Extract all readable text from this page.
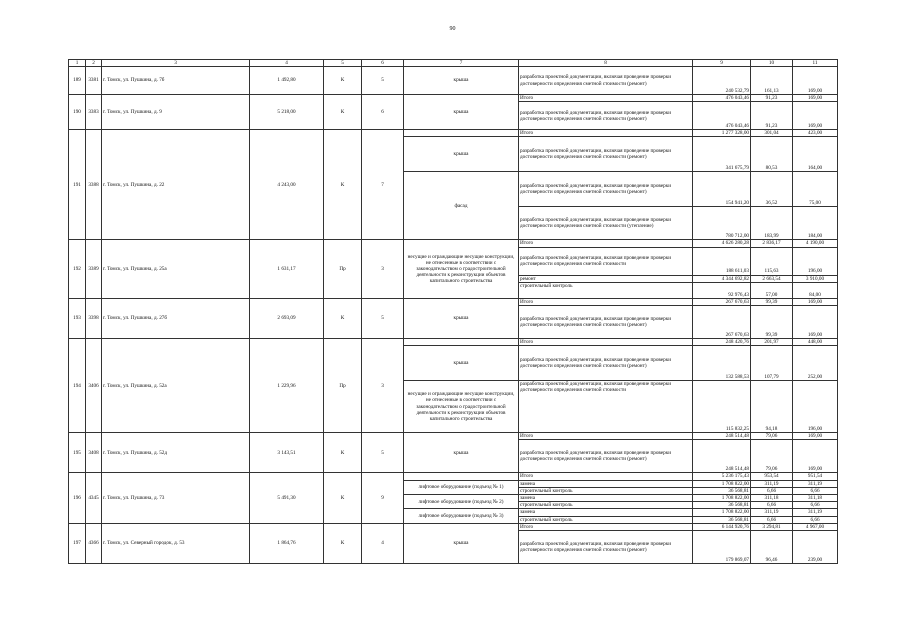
90
1	2	3	4	5	6	7	8	9	10	11
189	3381	г. Томск, ул. Пушкина, д. 7б	1 492,80	К	5	крыша	разработка проектной документации, включая проведение проверки достоверности определения сметной стоимости (ремонт)	240 532,79	161,13	169,00
190	3383	г. Томск, ул. Пушкина, д. 9	5 218,00	К	6	крыша	Итого	476 043,46	91,23	169,00
							разработка проектной документации, включая проведение проверки достоверности определения сметной стоимости (ремонт)	476 043,46	91,23	169,00
191	3388	г. Томск, ул. Пушкина, д. 22	4 243,00	К	7		Итого	1 277 328,00	301,04	423,00
						крыша	разработка проектной документации, включая проведение проверки достоверности определения сметной стоимости (ремонт)	341 675,79	80,53	164,00
						фасад	разработка проектной документации, включая проведение проверки достоверности определения сметной стоимости (ремонт)	154 941,20	36,52	75,00
							разработка проектной документации, включая проведение проверки достоверности определения сметной стоимости (утепление)	780 712,00	183,99	184,00
192	3389	г. Томск, ул. Пушкина, д. 25а	1 631,17	Пр	3	несущие и ограждающие несущие конструкции, не отнесенные в соответствии с законодательством о градостроительной деятельности к реконструкции объектов капитального строительства	Итого	4 626 280,28	2 836,17	4 190,00
							разработка проектной документации, включая проведение проверки достоверности определения сметной стоимости	188 611,03	115,63	196,00
							ремонт	4 344 692,82	2 663,54	3 910,00
							строительный контроль	92 976,43	57,00	84,00
193	3398	г. Томск, ул. Пушкина, д. 27б	2 693,09	К	5	крыша	Итого	267 670,63	99,39	169,00
							разработка проектной документации, включая проведение проверки достоверности определения сметной стоимости (ремонт)	267 670,63	99,39	169,00
194	3406	г. Томск, ул. Пушкина, д. 52а	1 229,96	Пр	3		Итого	248 420,76	201,97	448,00
						крыша	разработка проектной документации, включая проведение проверки достоверности определения сметной стоимости (ремонт)	132 588,53	107,79	252,00
						несущие и ограждающие несущие конструкции, не отнесенные в соответствии с законодательством о градостроительной деятельности к реконструкции объектов капитального строительства	разработка проектной документации, включая проведение проверки достоверности определения сметной стоимости	115 832,25	94,18	196,00
195	3408	г. Томск, ул. Пушкина, д. 52д	3 143,51	К	5	крыша	Итого	248 514,48	79,06	169,00
							разработка проектной документации, включая проведение проверки достоверности определения сметной стоимости (ремонт)	248 514,48	79,06	169,00
196	4345	г. Томск, ул. Пушкина, д. 73	5 491,30	К	9		Итого	5 236 175,43	953,54	951,54
						лифтовое оборудование (подъезд № 1)	замена	1 708 822,00	311,19	311,19
							строительный контроль	36 568,81	6,66	6,66
						лифтовое оборудование (подъезд № 2)	замена	1 708 822,00	311,18	311,18
							строительный контроль	36 568,81	6,66	6,66
						лифтовое оборудование (подъезд № 3)	замена	1 708 822,00	311,19	311,19
							строительный контроль	36 568,81	6,66	6,66
197	4366	г. Томск, ул. Северный городок, д. 53	1 864,76	К	4	крыша	Итого	6 144 920,76	3 294,81	4 967,00
							разработка проектной документации, включая проведение проверки достоверности определения сметной стоимости (ремонт)	179 869,07	96,46	239,00
